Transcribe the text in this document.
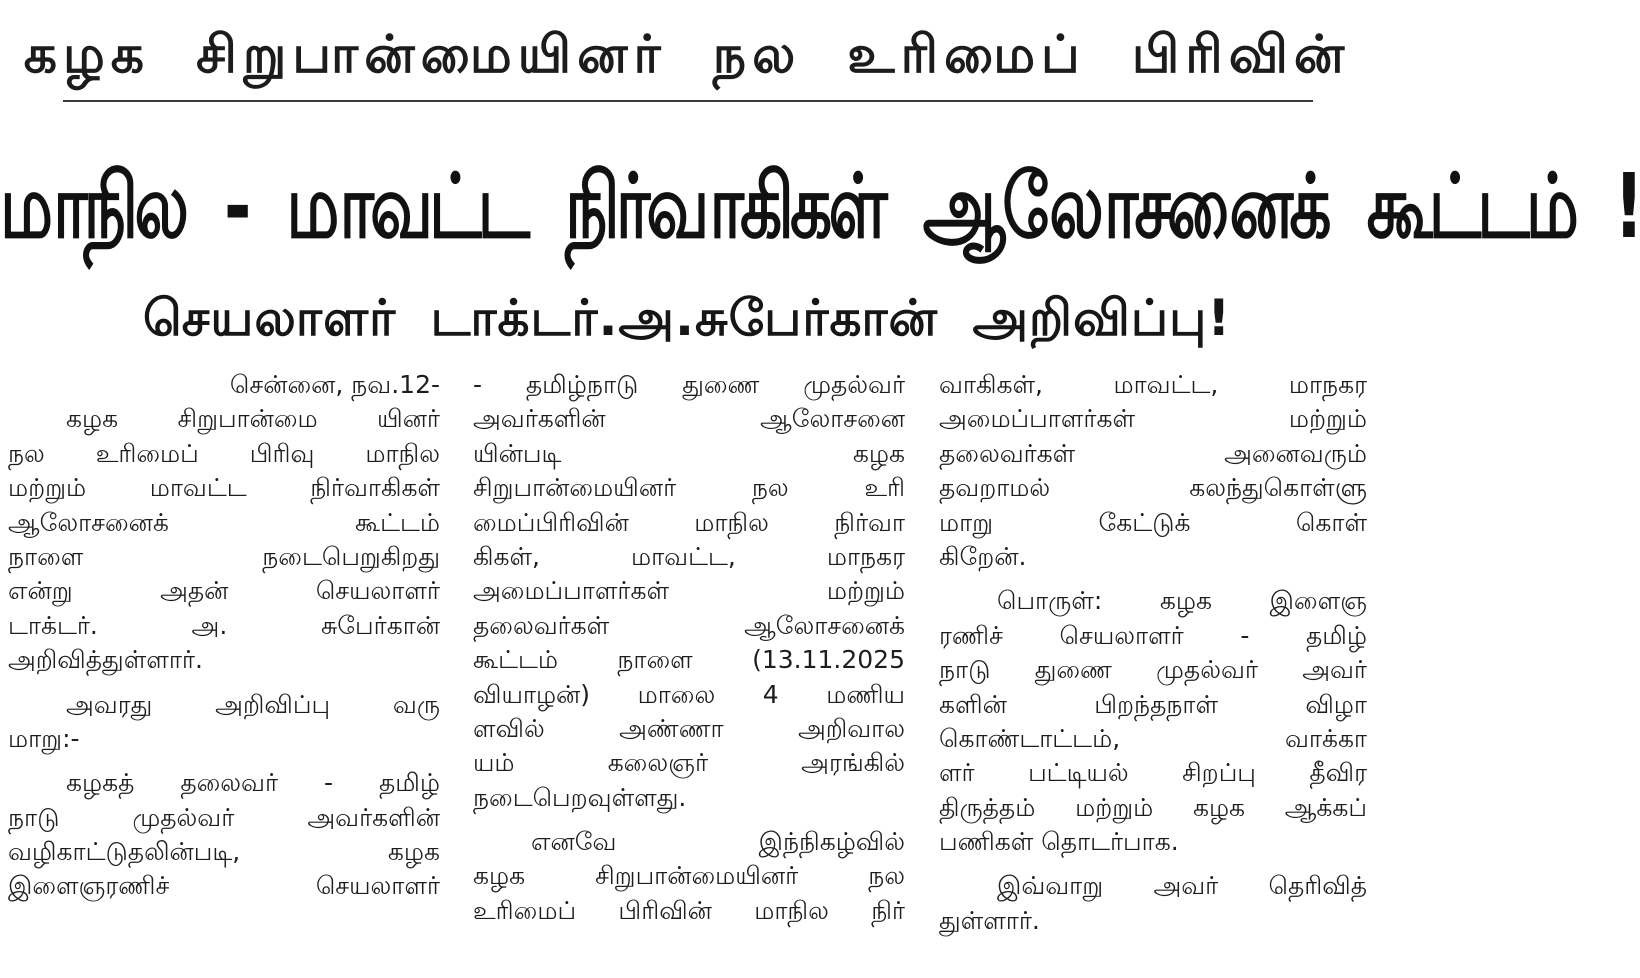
கழக சிறுபான்மையினர் நல உரிமைப் பிரிவின்
மாநில - மாவட்ட நிர்வாகிகள் ஆலோசனைக் கூட்டம் !
செயலாளர் டாக்டர்.அ.சுபேர்கான் அறிவிப்பு!
சென்னை, நவ.12-
கழக சிறுபான்மை யினர்
நல உரிமைப் பிரிவு மாநில
மற்றும் மாவட்ட நிர்வாகிகள்
ஆலோசனைக் கூட்டம்
நாளை நடைபெறுகிறது
என்று அதன் செயலாளர்
டாக்டர். அ. சுபேர்கான்
அறிவித்துள்ளார்.
அவரது அறிவிப்பு வரு
மாறு:-
கழகத் தலைவர் - தமிழ்
நாடு முதல்வர் அவர்களின்
வழிகாட்டுதலின்படி, கழக
இளைஞரணிச் செயலாளர்
- தமிழ்நாடு துணை முதல்வர்
அவர்களின் ஆலோசனை
யின்படி கழக
சிறுபான்மையினர் நல உரி
மைப்பிரிவின் மாநில நிர்வா
கிகள், மாவட்ட, மாநகர
அமைப்பாளர்கள் மற்றும்
தலைவர்கள் ஆலோசனைக்
கூட்டம் நாளை (13.11.2025
வியாழன்) மாலை 4 மணிய
ளவில் அண்ணா அறிவால
யம் கலைஞர் அரங்கில்
நடைபெறவுள்ளது.
எனவே இந்நிகழ்வில்
கழக சிறுபான்மையினர் நல
உரிமைப் பிரிவின் மாநில நிர்
வாகிகள், மாவட்ட, மாநகர
அமைப்பாளர்கள் மற்றும்
தலைவர்கள் அனைவரும்
தவறாமல் கலந்துகொள்ளு
மாறு கேட்டுக் கொள்
கிறேன்.
பொருள்: கழக இளைஞ
ரணிச் செயலாளர் - தமிழ்
நாடு துணை முதல்வர் அவர்
களின் பிறந்தநாள் விழா
கொண்டாட்டம், வாக்கா
ளர் பட்டியல் சிறப்பு தீவிர
திருத்தம் மற்றும் கழக ஆக்கப்
பணிகள் தொடர்பாக.
இவ்வாறு அவர் தெரிவித்
துள்ளார்.
